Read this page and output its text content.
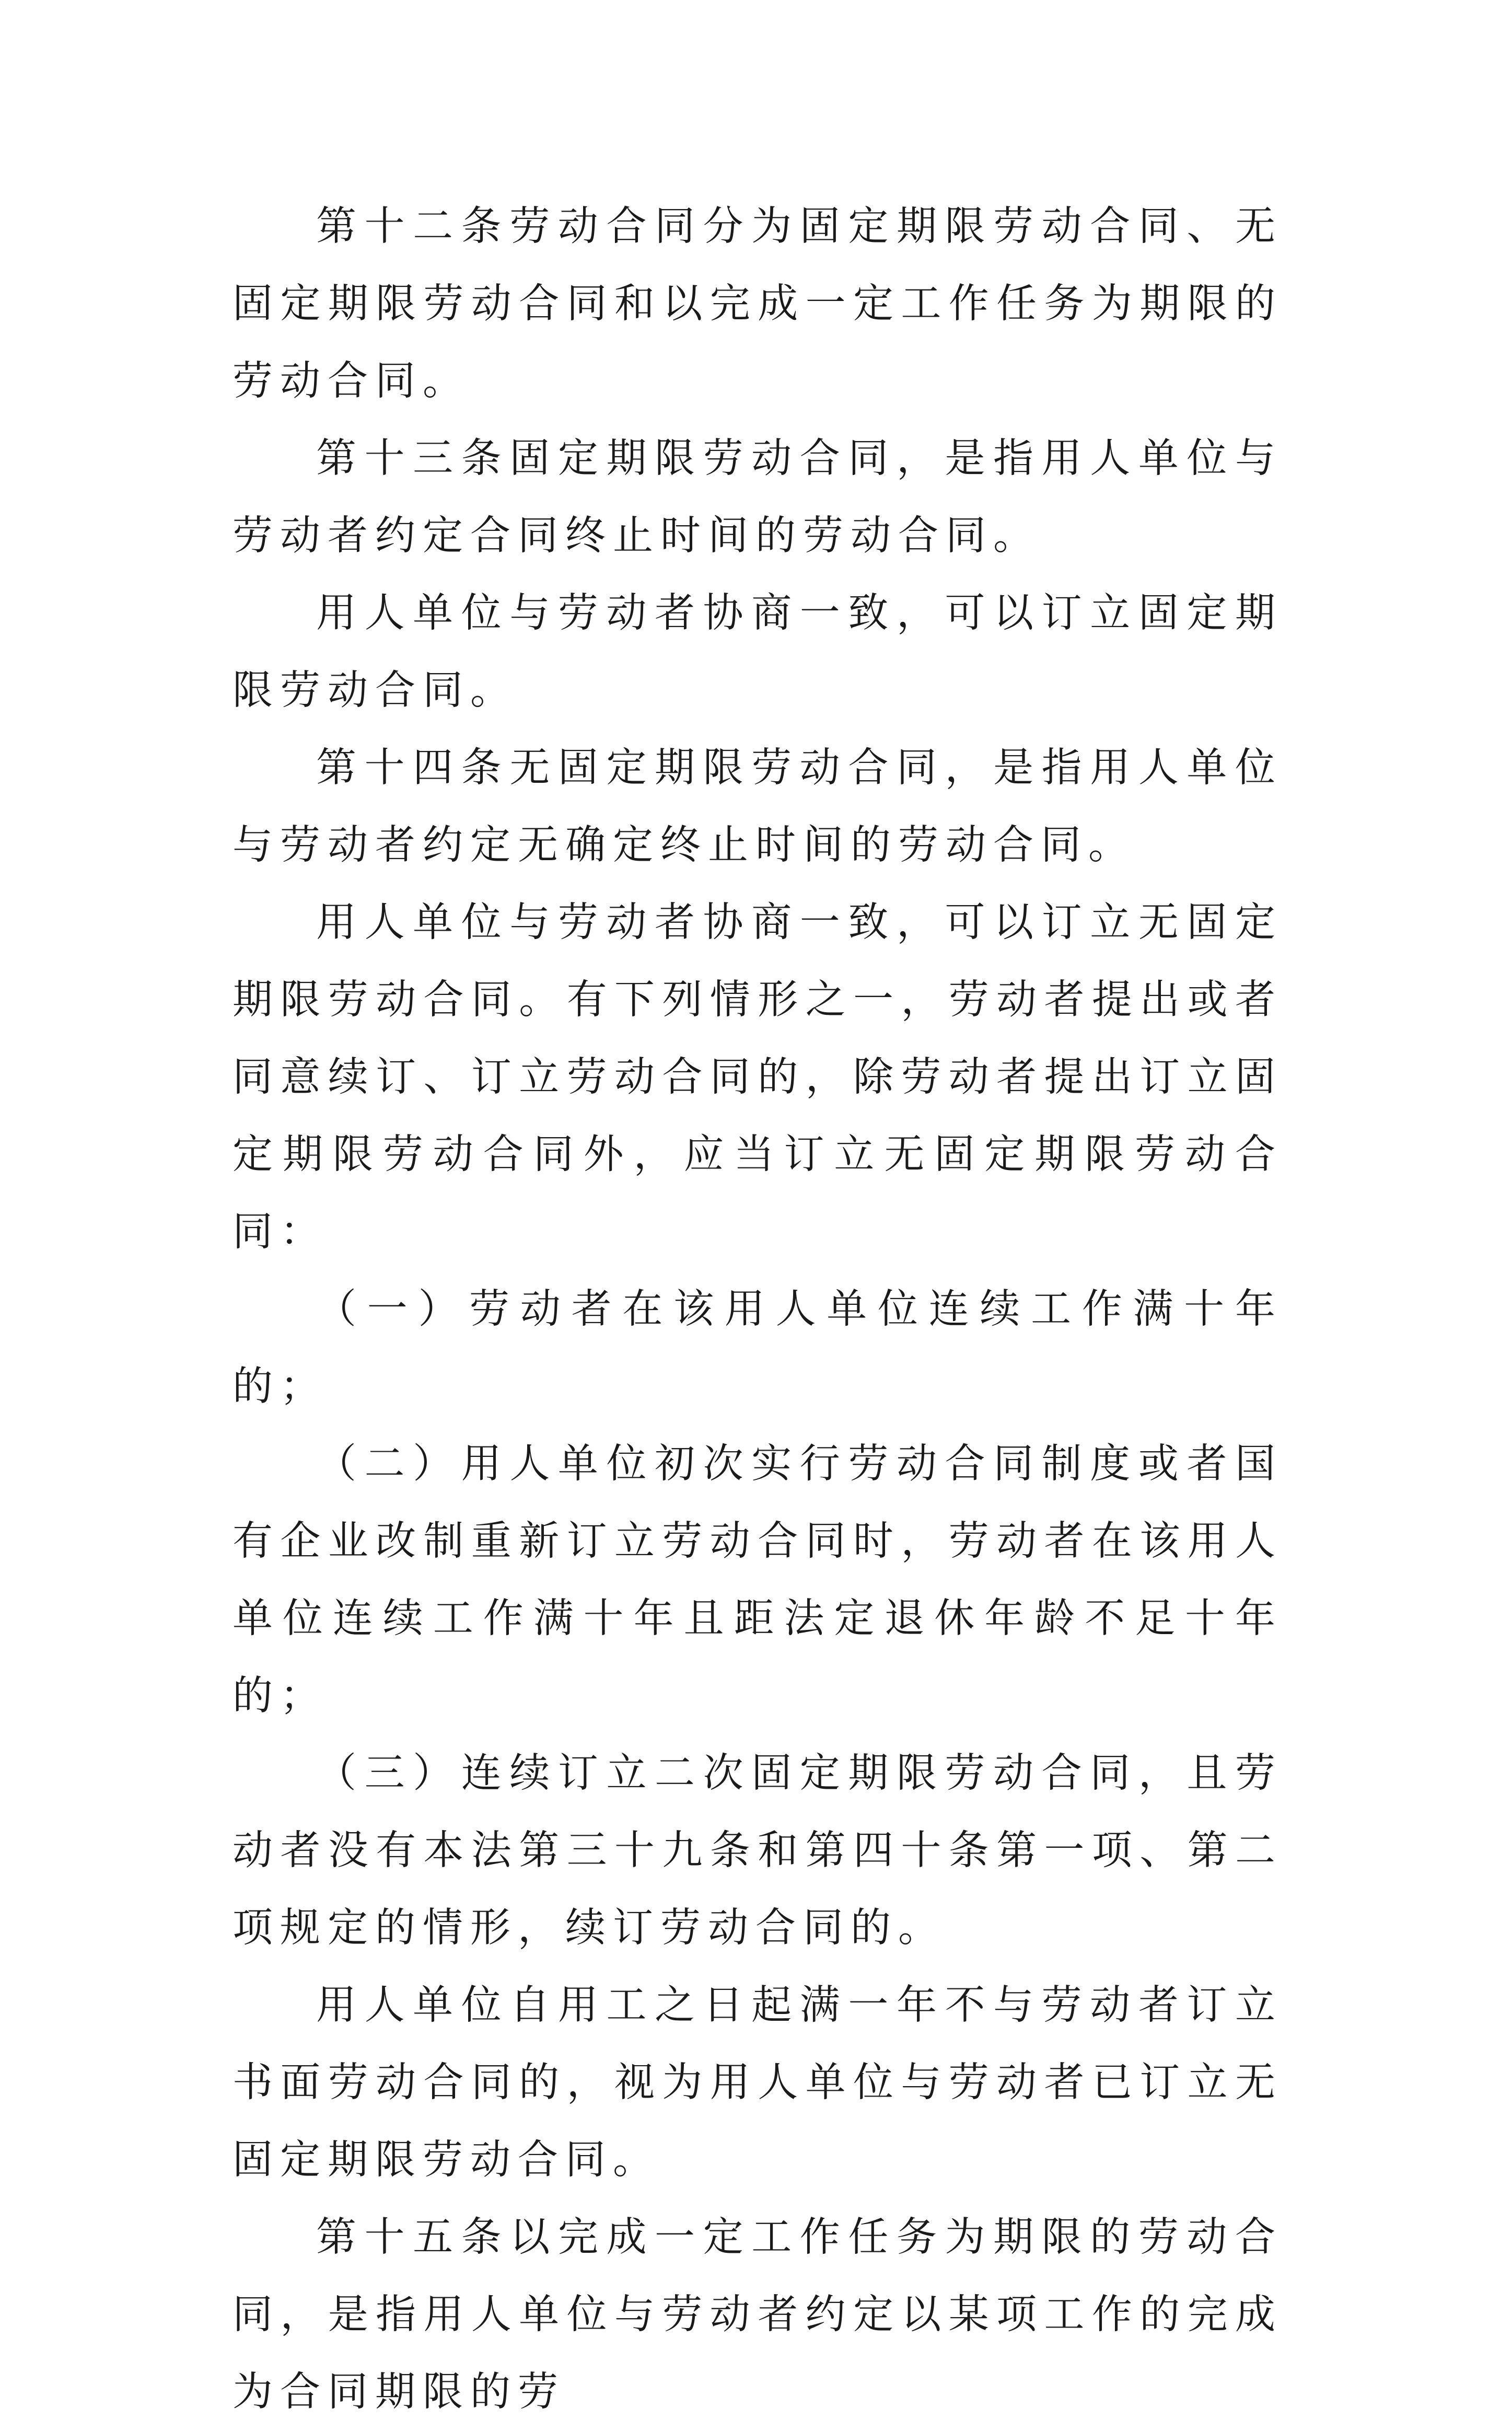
第十二条劳动合同分为固定期限劳动合同、无固定期限劳动合同和以完成一定工作任务为期限的劳动合同。

第十三条固定期限劳动合同，是指用人单位与劳动者约定合同终止时间的劳动合同。

用人单位与劳动者协商一致，可以订立固定期限劳动合同。

第十四条无固定期限劳动合同，是指用人单位与劳动者约定无确定终止时间的劳动合同。

用人单位与劳动者协商一致，可以订立无固定期限劳动合同。有下列情形之一，劳动者提出或者同意续订、订立劳动合同的，除劳动者提出订立固定期限劳动合同外，应当订立无固定期限劳动合同：

（一）劳动者在该用人单位连续工作满十年的；

（二）用人单位初次实行劳动合同制度或者国有企业改制重新订立劳动合同时，劳动者在该用人单位连续工作满十年且距法定退休年龄不足十年的；

（三）连续订立二次固定期限劳动合同，且劳动者没有本法第三十九条和第四十条第一项、第二项规定的情形，续订劳动合同的。

用人单位自用工之日起满一年不与劳动者订立书面劳动合同的，视为用人单位与劳动者已订立无固定期限劳动合同。

第十五条以完成一定工作任务为期限的劳动合同，是指用人单位与劳动者约定以某项工作的完成为合同期限的劳
